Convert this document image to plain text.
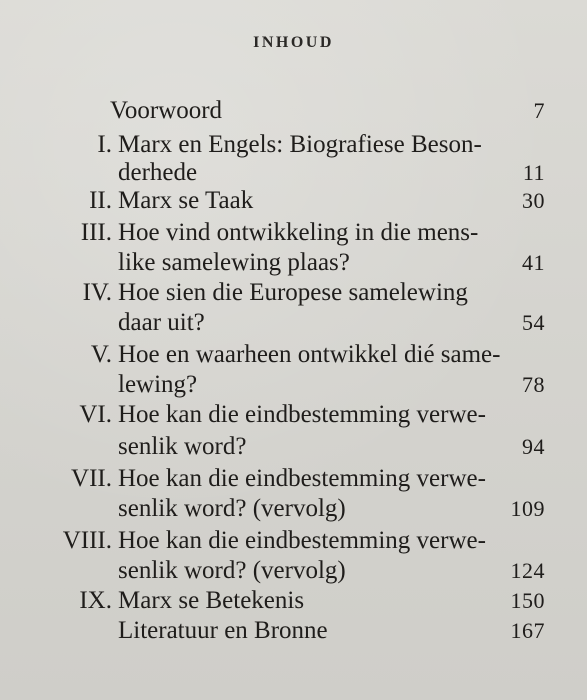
INHOUD
Voorwoord	7
I. Marx en Engels: Biografiese Beson-
derhede	11
II. Marx se Taak	30
III. Hoe vind ontwikkeling in die mens-
like samelewing plaas?	41
IV. Hoe sien die Europese samelewing
daar uit?	54
V. Hoe en waarheen ontwikkel dié same-
lewing?	78
VI. Hoe kan die eindbestemming verwe-
senlik word?	94
VII. Hoe kan die eindbestemming verwe-
senlik word? (vervolg)	109
VIII. Hoe kan die eindbestemming verwe-
senlik word? (vervolg)	124
IX. Marx se Betekenis	150
Literatuur en Bronne	167
